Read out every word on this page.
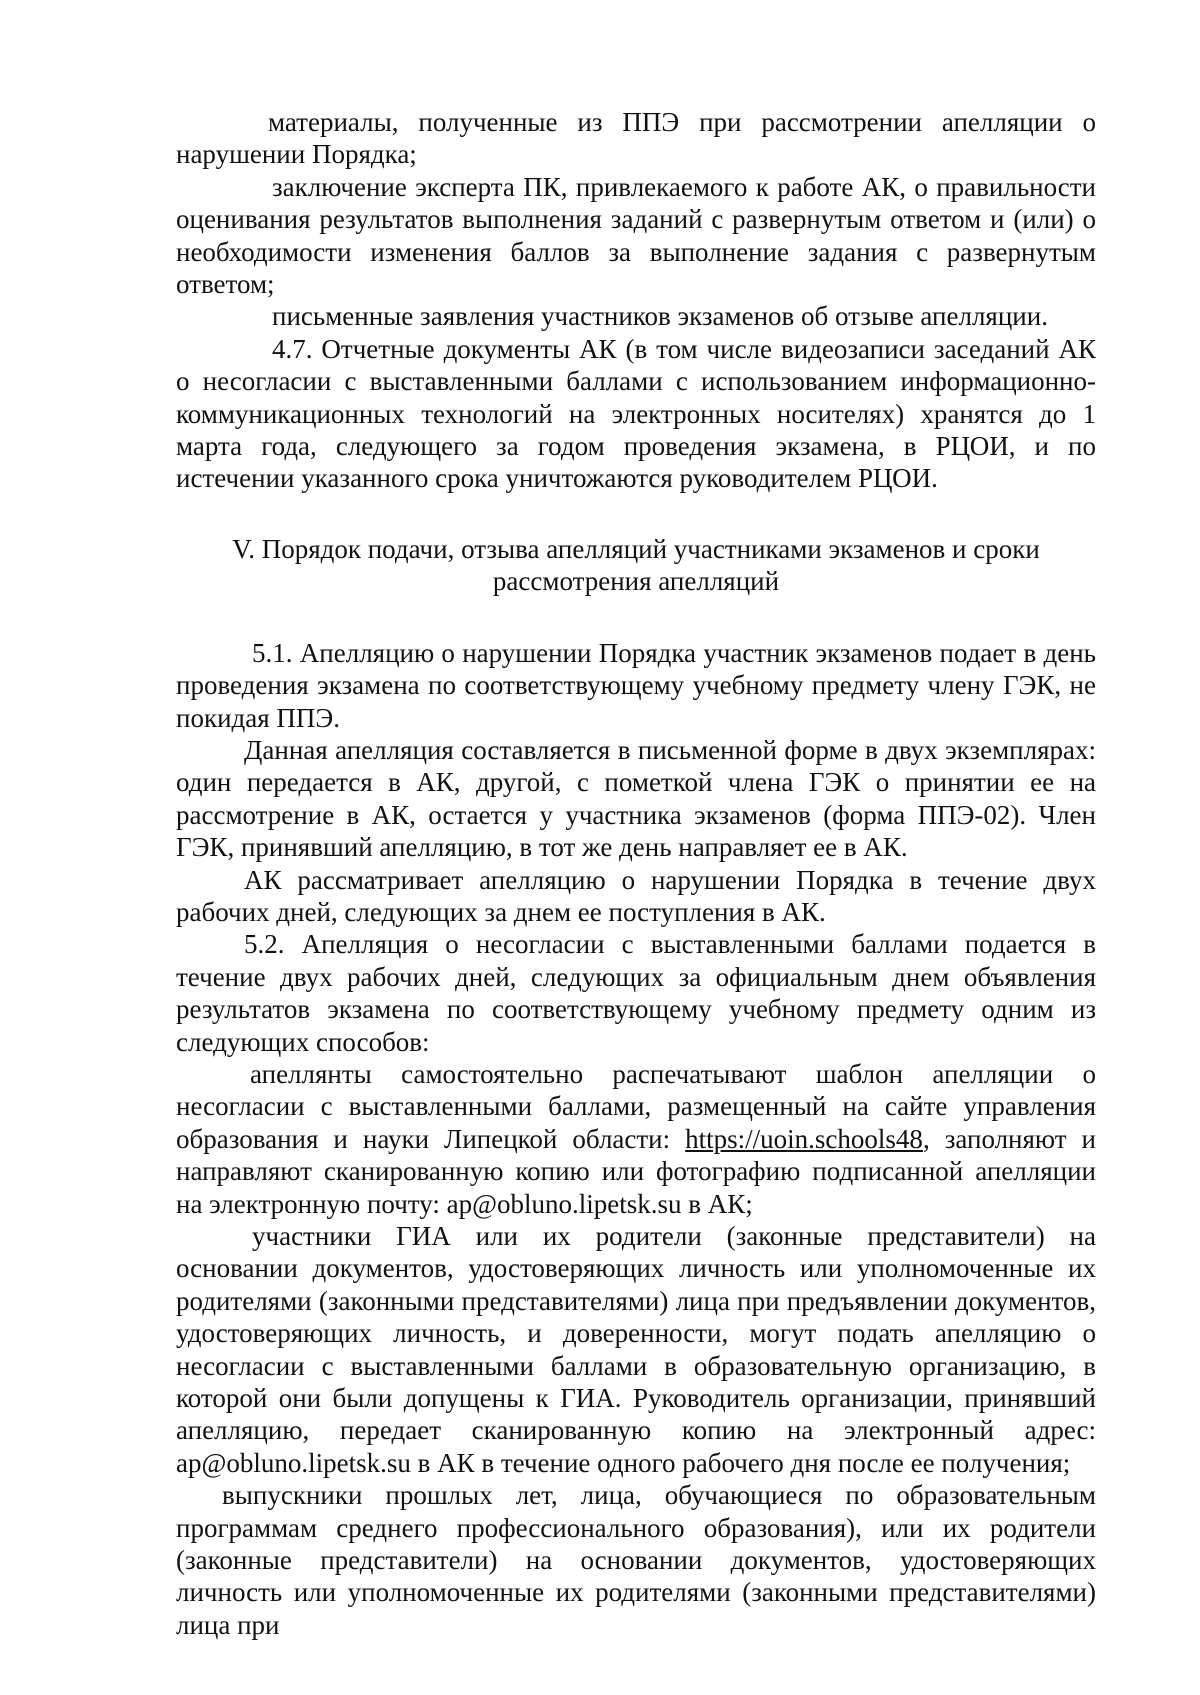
материалы, полученные из ППЭ при рассмотрении апелляции о нарушении Порядка;

заключение эксперта ПК, привлекаемого к работе АК, о правильности оценивания результатов выполнения заданий с развернутым ответом и (или) о необходимости изменения баллов за выполнение задания с развернутым ответом;

письменные заявления участников экзаменов об отзыве апелляции.

4.7. Отчетные документы АК (в том числе видеозаписи заседаний АК о несогласии с выставленными баллами с использованием информационно-коммуникационных технологий на электронных носителях) хранятся до 1 марта года, следующего за годом проведения экзамена, в РЦОИ, и по истечении указанного срока уничтожаются руководителем РЦОИ.

V. Порядок подачи, отзыва апелляций участниками экзаменов и сроки рассмотрения апелляций

5.1. Апелляцию о нарушении Порядка участник экзаменов подает в день проведения экзамена по соответствующему учебному предмету члену ГЭК, не покидая ППЭ.

Данная апелляция составляется в письменной форме в двух экземплярах: один передается в АК, другой, с пометкой члена ГЭК о принятии ее на рассмотрение в АК, остается у участника экзаменов (форма ППЭ-02). Член ГЭК, принявший апелляцию, в тот же день направляет ее в АК.

АК рассматривает апелляцию о нарушении Порядка в течение двух рабочих дней, следующих за днем ее поступления в АК.

5.2. Апелляция о несогласии с выставленными баллами подается в течение двух рабочих дней, следующих за официальным днем объявления результатов экзамена по соответствующему учебному предмету одним из следующих способов:

апеллянты самостоятельно распечатывают шаблон апелляции о несогласии с выставленными баллами, размещенный на сайте управления образования и науки Липецкой области: https://uoin.schools48, заполняют и направляют сканированную копию или фотографию подписанной апелляции на электронную почту: ap@obluno.lipetsk.su в АК;

участники ГИА или их родители (законные представители) на основании документов, удостоверяющих личность или уполномоченные их родителями (законными представителями) лица при предъявлении документов, удостоверяющих личность, и доверенности, могут подать апелляцию о несогласии с выставленными баллами в образовательную организацию, в которой они были допущены к ГИА. Руководитель организации, принявший апелляцию, передает сканированную копию на электронный адрес: ap@obluno.lipetsk.su в АК в течение одного рабочего дня после ее получения;

выпускники прошлых лет, лица, обучающиеся по образовательным программам среднего профессионального образования), или их родители (законные представители) на основании документов, удостоверяющих личность или уполномоченные их родителями (законными представителями) лица при
